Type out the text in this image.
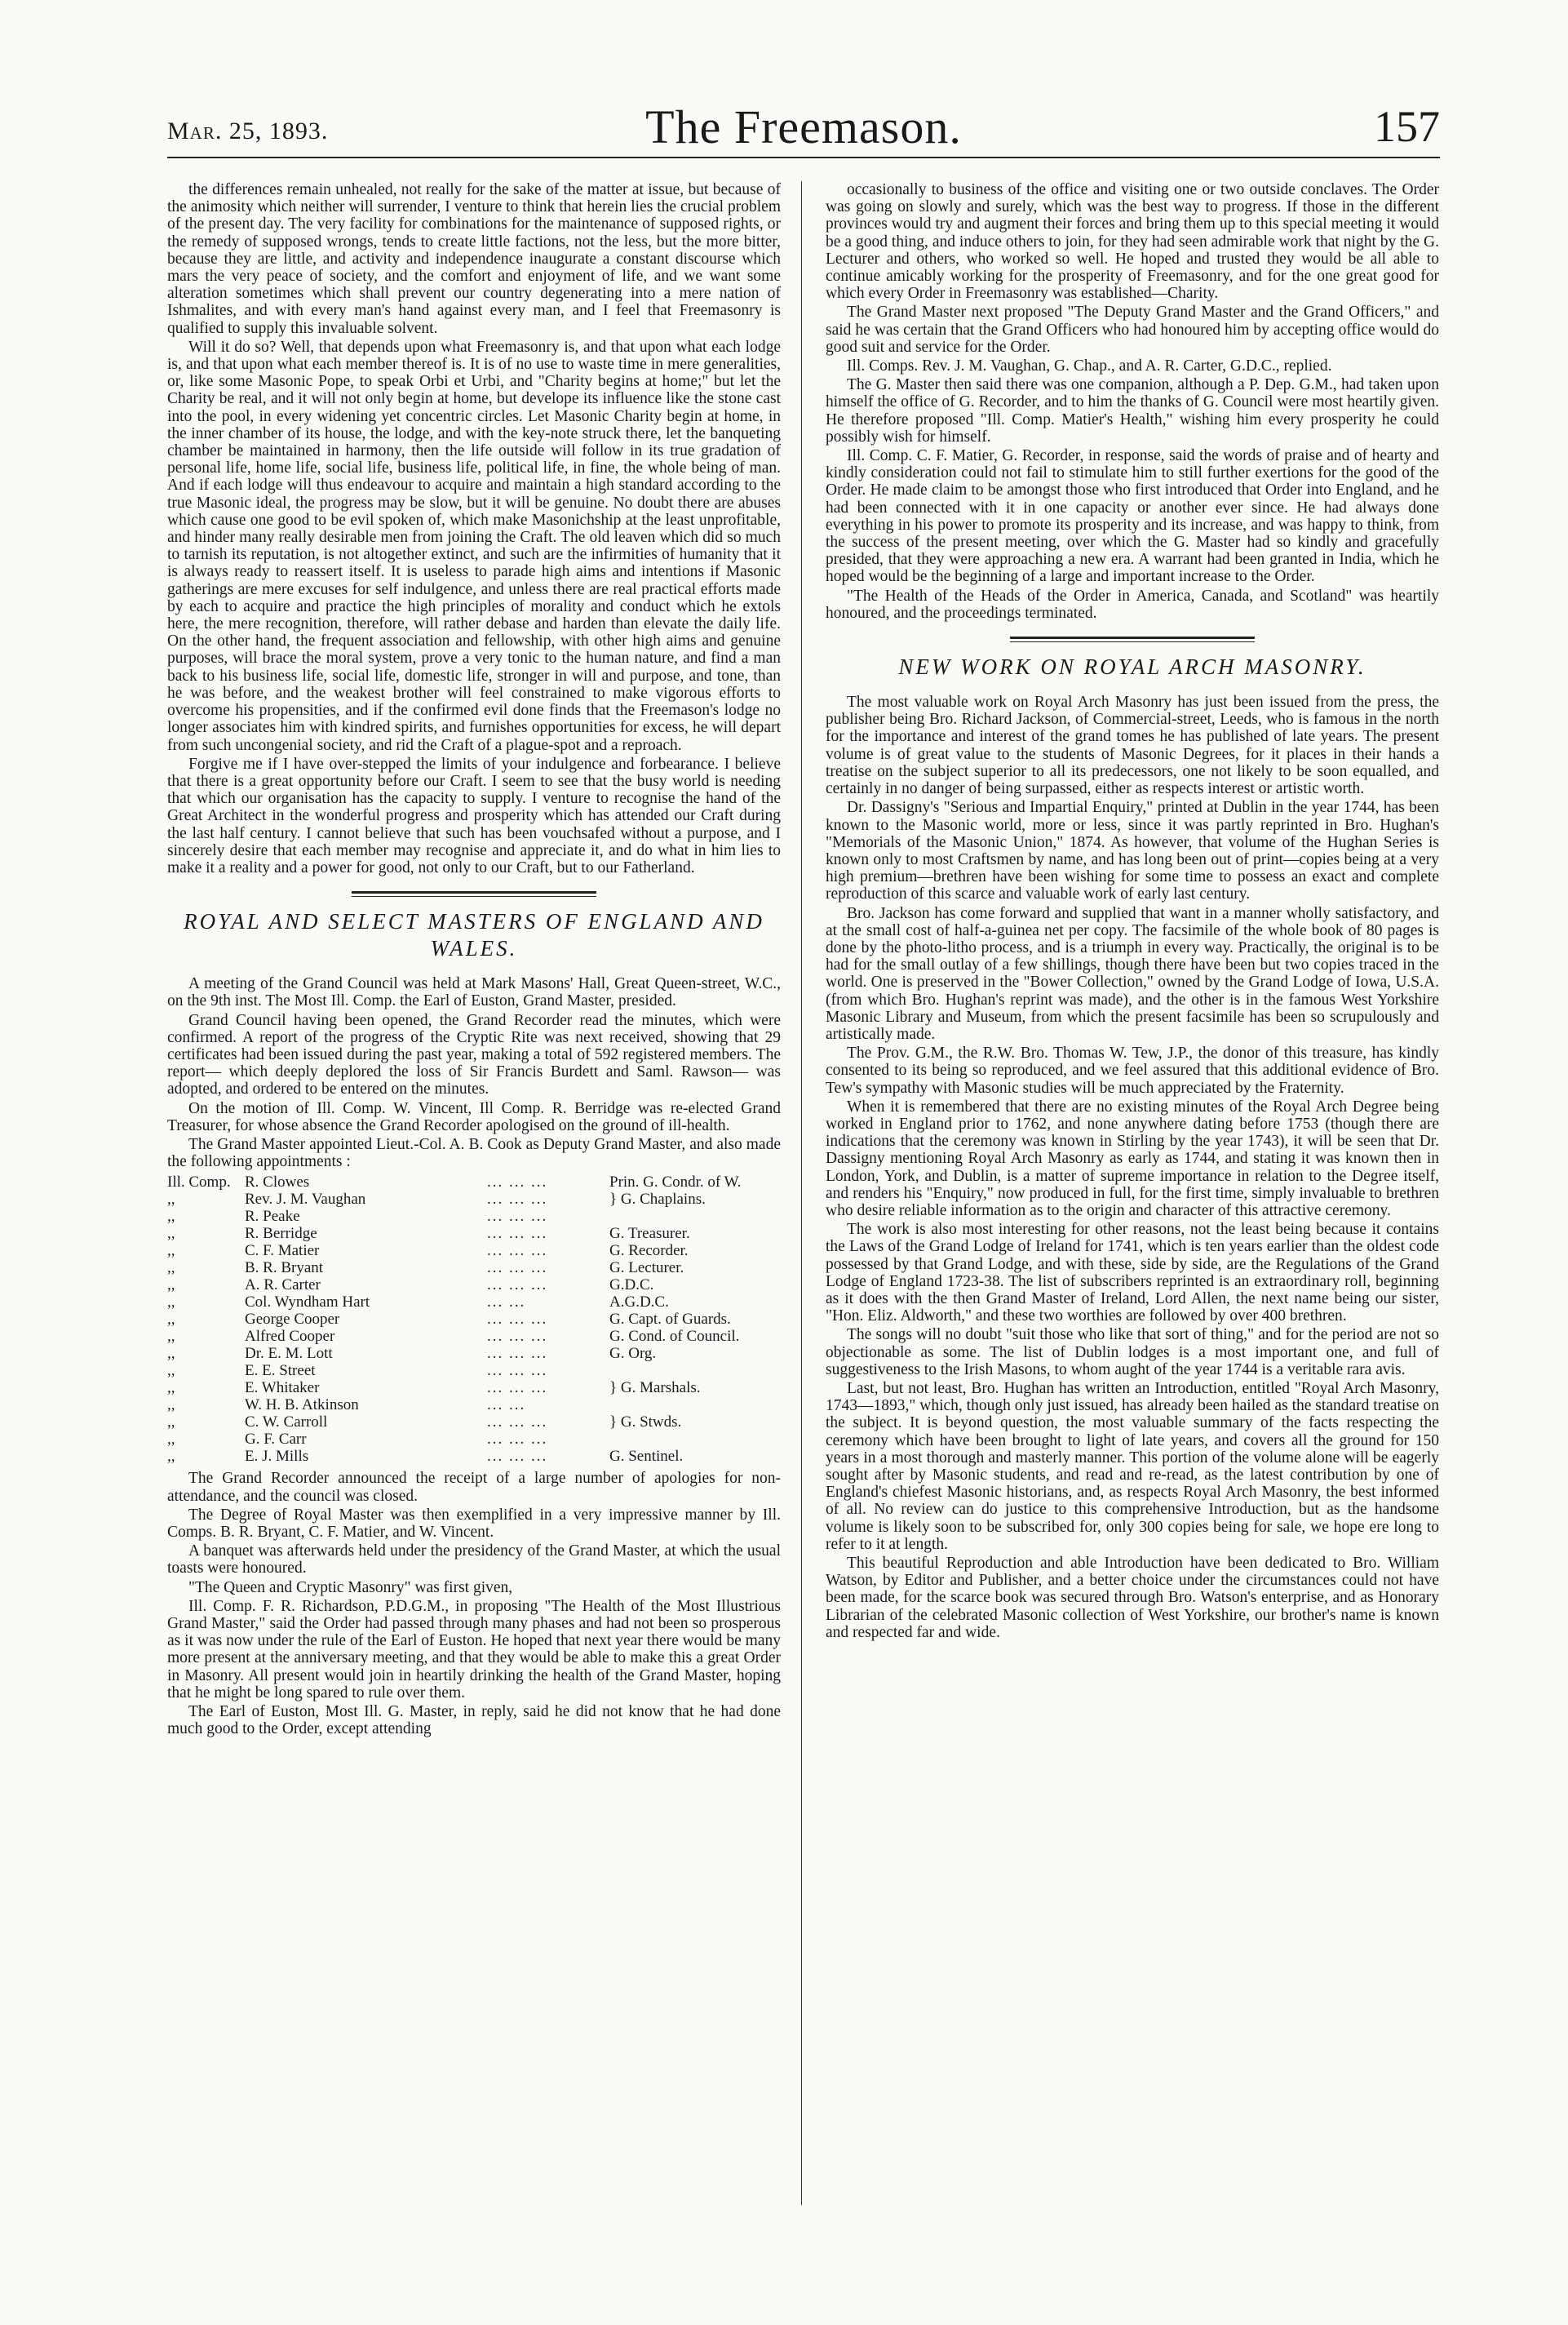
Mar. 25, 1893.	The Freemason.	157

the differences remain unhealed, not really for the sake of the matter at issue, but because of the animosity which neither will surrender, I venture to think that herein lies the crucial problem of the present day. The very facility for combinations for the maintenance of supposed rights, or the remedy of supposed wrongs, tends to create little factions, not the less, but the more bitter, because they are little, and activity and independence inaugurate a constant discourse which mars the very peace of society, and the comfort and enjoyment of life, and we want some alteration sometimes which shall prevent our country degenerating into a mere nation of Ishmalites, and with every man's hand against every man, and I feel that Freemasonry is qualified to supply this invaluable solvent.

Will it do so? Well, that depends upon what Freemasonry is, and that upon what each lodge is, and that upon what each member thereof is. It is of no use to waste time in mere generalities, or, like some Masonic Pope, to speak Orbi et Urbi, and "Charity begins at home;" but let the Charity be real, and it will not only begin at home, but develope its influence like the stone cast into the pool, in every widening yet concentric circles. Let Masonic Charity begin at home, in the inner chamber of its house, the lodge, and with the key-note struck there, let the banqueting chamber be maintained in harmony, then the life outside will follow in its true gradation of personal life, home life, social life, business life, political life, in fine, the whole being of man. And if each lodge will thus endeavour to acquire and maintain a high standard according to the true Masonic ideal, the progress may be slow, but it will be genuine. No doubt there are abuses which cause one good to be evil spoken of, which make Masonichship at the least unprofitable, and hinder many really desirable men from joining the Craft. The old leaven which did so much to tarnish its reputation, is not altogether extinct, and such are the infirmities of humanity that it is always ready to reassert itself. It is useless to parade high aims and intentions if Masonic gatherings are mere excuses for self indulgence, and unless there are real practical efforts made by each to acquire and practice the high principles of morality and conduct which he extols here, the mere recognition, therefore, will rather debase and harden than elevate the daily life. On the other hand, the frequent association and fellowship, with other high aims and genuine purposes, will brace the moral system, prove a very tonic to the human nature, and find a man back to his business life, social life, domestic life, stronger in will and purpose, and tone, than he was before, and the weakest brother will feel constrained to make vigorous efforts to overcome his propensities, and if the confirmed evil done finds that the Freemason's lodge no longer associates him with kindred spirits, and furnishes opportunities for excess, he will depart from such uncongenial society, and rid the Craft of a plague-spot and a reproach.

Forgive me if I have over-stepped the limits of your indulgence and forbearance. I believe that there is a great opportunity before our Craft. I seem to see that the busy world is needing that which our organisation has the capacity to supply. I venture to recognise the hand of the Great Architect in the wonderful progress and prosperity which has attended our Craft during the last half century. I cannot believe that such has been vouchsafed without a purpose, and I sincerely desire that each member may recognise and appreciate it, and do what in him lies to make it a reality and a power for good, not only to our Craft, but to our Fatherland.

ROYAL AND SELECT MASTERS OF ENGLAND AND WALES.

A meeting of the Grand Council was held at Mark Masons' Hall, Great Queen-street, W.C., on the 9th inst. The Most Ill. Comp. the Earl of Euston, Grand Master, presided.

Grand Council having been opened, the Grand Recorder read the minutes, which were confirmed. A report of the progress of the Cryptic Rite was next received, showing that 29 certificates had been issued during the past year, making a total of 592 registered members. The report— which deeply deplored the loss of Sir Francis Burdett and Saml. Rawson— was adopted, and ordered to be entered on the minutes.

On the motion of Ill. Comp. W. Vincent, Ill Comp. R. Berridge was re-elected Grand Treasurer, for whose absence the Grand Recorder apologised on the ground of ill-health.

The Grand Master appointed Lieut.-Col. A. B. Cook as Deputy Grand Master, and also made the following appointments :

Ill. Comp.	R. Clowes	... ... ...	Prin. G. Condr. of W.
,,	Rev. J. M. Vaughan	... ... ...	} G. Chaplains.
,,	R. Peake	... ... ...	
,,	R. Berridge	... ... ...	G. Treasurer.
,,	C. F. Matier	... ... ...	G. Recorder.
,,	B. R. Bryant	... ... ...	G. Lecturer.
,,	A. R. Carter	... ... ...	G.D.C.
,,	Col. Wyndham Hart	... ...	A.G.D.C.
,,	George Cooper	... ... ...	G. Capt. of Guards.
,,	Alfred Cooper	... ... ...	G. Cond. of Council.
,,	Dr. E. M. Lott	... ... ...	G. Org.
,,	E. E. Street	... ... ...	
,,	E. Whitaker	... ... ...	} G. Marshals.
,,	W. H. B. Atkinson	... ...	
,,	C. W. Carroll	... ... ...	} G. Stwds.
,,	G. F. Carr	... ... ...	
,,	E. J. Mills	... ... ...	G. Sentinel.

The Grand Recorder announced the receipt of a large number of apologies for non-attendance, and the council was closed.

The Degree of Royal Master was then exemplified in a very impressive manner by Ill. Comps. B. R. Bryant, C. F. Matier, and W. Vincent.

A banquet was afterwards held under the presidency of the Grand Master, at which the usual toasts were honoured.

"The Queen and Cryptic Masonry" was first given,

Ill. Comp. F. R. Richardson, P.D.G.M., in proposing "The Health of the Most Illustrious Grand Master," said the Order had passed through many phases and had not been so prosperous as it was now under the rule of the Earl of Euston. He hoped that next year there would be many more present at the anniversary meeting, and that they would be able to make this a great Order in Masonry. All present would join in heartily drinking the health of the Grand Master, hoping that he might be long spared to rule over them.

The Earl of Euston, Most Ill. G. Master, in reply, said he did not know that he had done much good to the Order, except attending

occasionally to business of the office and visiting one or two outside conclaves. The Order was going on slowly and surely, which was the best way to progress. If those in the different provinces would try and augment their forces and bring them up to this special meeting it would be a good thing, and induce others to join, for they had seen admirable work that night by the G. Lecturer and others, who worked so well. He hoped and trusted they would be all able to continue amicably working for the prosperity of Freemasonry, and for the one great good for which every Order in Freemasonry was established—Charity.

The Grand Master next proposed "The Deputy Grand Master and the Grand Officers," and said he was certain that the Grand Officers who had honoured him by accepting office would do good suit and service for the Order.

Ill. Comps. Rev. J. M. Vaughan, G. Chap., and A. R. Carter, G.D.C., replied.

The G. Master then said there was one companion, although a P. Dep. G.M., had taken upon himself the office of G. Recorder, and to him the thanks of G. Council were most heartily given. He therefore proposed "Ill. Comp. Matier's Health," wishing him every prosperity he could possibly wish for himself.

Ill. Comp. C. F. Matier, G. Recorder, in response, said the words of praise and of hearty and kindly consideration could not fail to stimulate him to still further exertions for the good of the Order. He made claim to be amongst those who first introduced that Order into England, and he had been connected with it in one capacity or another ever since. He had always done everything in his power to promote its prosperity and its increase, and was happy to think, from the success of the present meeting, over which the G. Master had so kindly and gracefully presided, that they were approaching a new era. A warrant had been granted in India, which he hoped would be the beginning of a large and important increase to the Order.

"The Health of the Heads of the Order in America, Canada, and Scotland" was heartily honoured, and the proceedings terminated.

NEW WORK ON ROYAL ARCH MASONRY.

The most valuable work on Royal Arch Masonry has just been issued from the press, the publisher being Bro. Richard Jackson, of Commercial-street, Leeds, who is famous in the north for the importance and interest of the grand tomes he has published of late years. The present volume is of great value to the students of Masonic Degrees, for it places in their hands a treatise on the subject superior to all its predecessors, one not likely to be soon equalled, and certainly in no danger of being surpassed, either as respects interest or artistic worth.

Dr. Dassigny's "Serious and Impartial Enquiry," printed at Dublin in the year 1744, has been known to the Masonic world, more or less, since it was partly reprinted in Bro. Hughan's "Memorials of the Masonic Union," 1874. As however, that volume of the Hughan Series is known only to most Craftsmen by name, and has long been out of print—copies being at a very high premium—brethren have been wishing for some time to possess an exact and complete reproduction of this scarce and valuable work of early last century.

Bro. Jackson has come forward and supplied that want in a manner wholly satisfactory, and at the small cost of half-a-guinea net per copy. The facsimile of the whole book of 80 pages is done by the photo-litho process, and is a triumph in every way. Practically, the original is to be had for the small outlay of a few shillings, though there have been but two copies traced in the world. One is preserved in the "Bower Collection," owned by the Grand Lodge of Iowa, U.S.A. (from which Bro. Hughan's reprint was made), and the other is in the famous West Yorkshire Masonic Library and Museum, from which the present facsimile has been so scrupulously and artistically made.

The Prov. G.M., the R.W. Bro. Thomas W. Tew, J.P., the donor of this treasure, has kindly consented to its being so reproduced, and we feel assured that this additional evidence of Bro. Tew's sympathy with Masonic studies will be much appreciated by the Fraternity.

When it is remembered that there are no existing minutes of the Royal Arch Degree being worked in England prior to 1762, and none anywhere dating before 1753 (though there are indications that the ceremony was known in Stirling by the year 1743), it will be seen that Dr. Dassigny mentioning Royal Arch Masonry as early as 1744, and stating it was known then in London, York, and Dublin, is a matter of supreme importance in relation to the Degree itself, and renders his "Enquiry," now produced in full, for the first time, simply invaluable to brethren who desire reliable information as to the origin and character of this attractive ceremony.

The work is also most interesting for other reasons, not the least being because it contains the Laws of the Grand Lodge of Ireland for 1741, which is ten years earlier than the oldest code possessed by that Grand Lodge, and with these, side by side, are the Regulations of the Grand Lodge of England 1723-38. The list of subscribers reprinted is an extraordinary roll, beginning as it does with the then Grand Master of Ireland, Lord Allen, the next name being our sister, "Hon. Eliz. Aldworth," and these two worthies are followed by over 400 brethren.

The songs will no doubt "suit those who like that sort of thing," and for the period are not so objectionable as some. The list of Dublin lodges is a most important one, and full of suggestiveness to the Irish Masons, to whom aught of the year 1744 is a veritable rara avis.

Last, but not least, Bro. Hughan has written an Introduction, entitled "Royal Arch Masonry, 1743—1893," which, though only just issued, has already been hailed as the standard treatise on the subject. It is beyond question, the most valuable summary of the facts respecting the ceremony which have been brought to light of late years, and covers all the ground for 150 years in a most thorough and masterly manner. This portion of the volume alone will be eagerly sought after by Masonic students, and read and re-read, as the latest contribution by one of England's chiefest Masonic historians, and, as respects Royal Arch Masonry, the best informed of all. No review can do justice to this comprehensive Introduction, but as the handsome volume is likely soon to be subscribed for, only 300 copies being for sale, we hope ere long to refer to it at length.

This beautiful Reproduction and able Introduction have been dedicated to Bro. William Watson, by Editor and Publisher, and a better choice under the circumstances could not have been made, for the scarce book was secured through Bro. Watson's enterprise, and as Honorary Librarian of the celebrated Masonic collection of West Yorkshire, our brother's name is known and respected far and wide.
